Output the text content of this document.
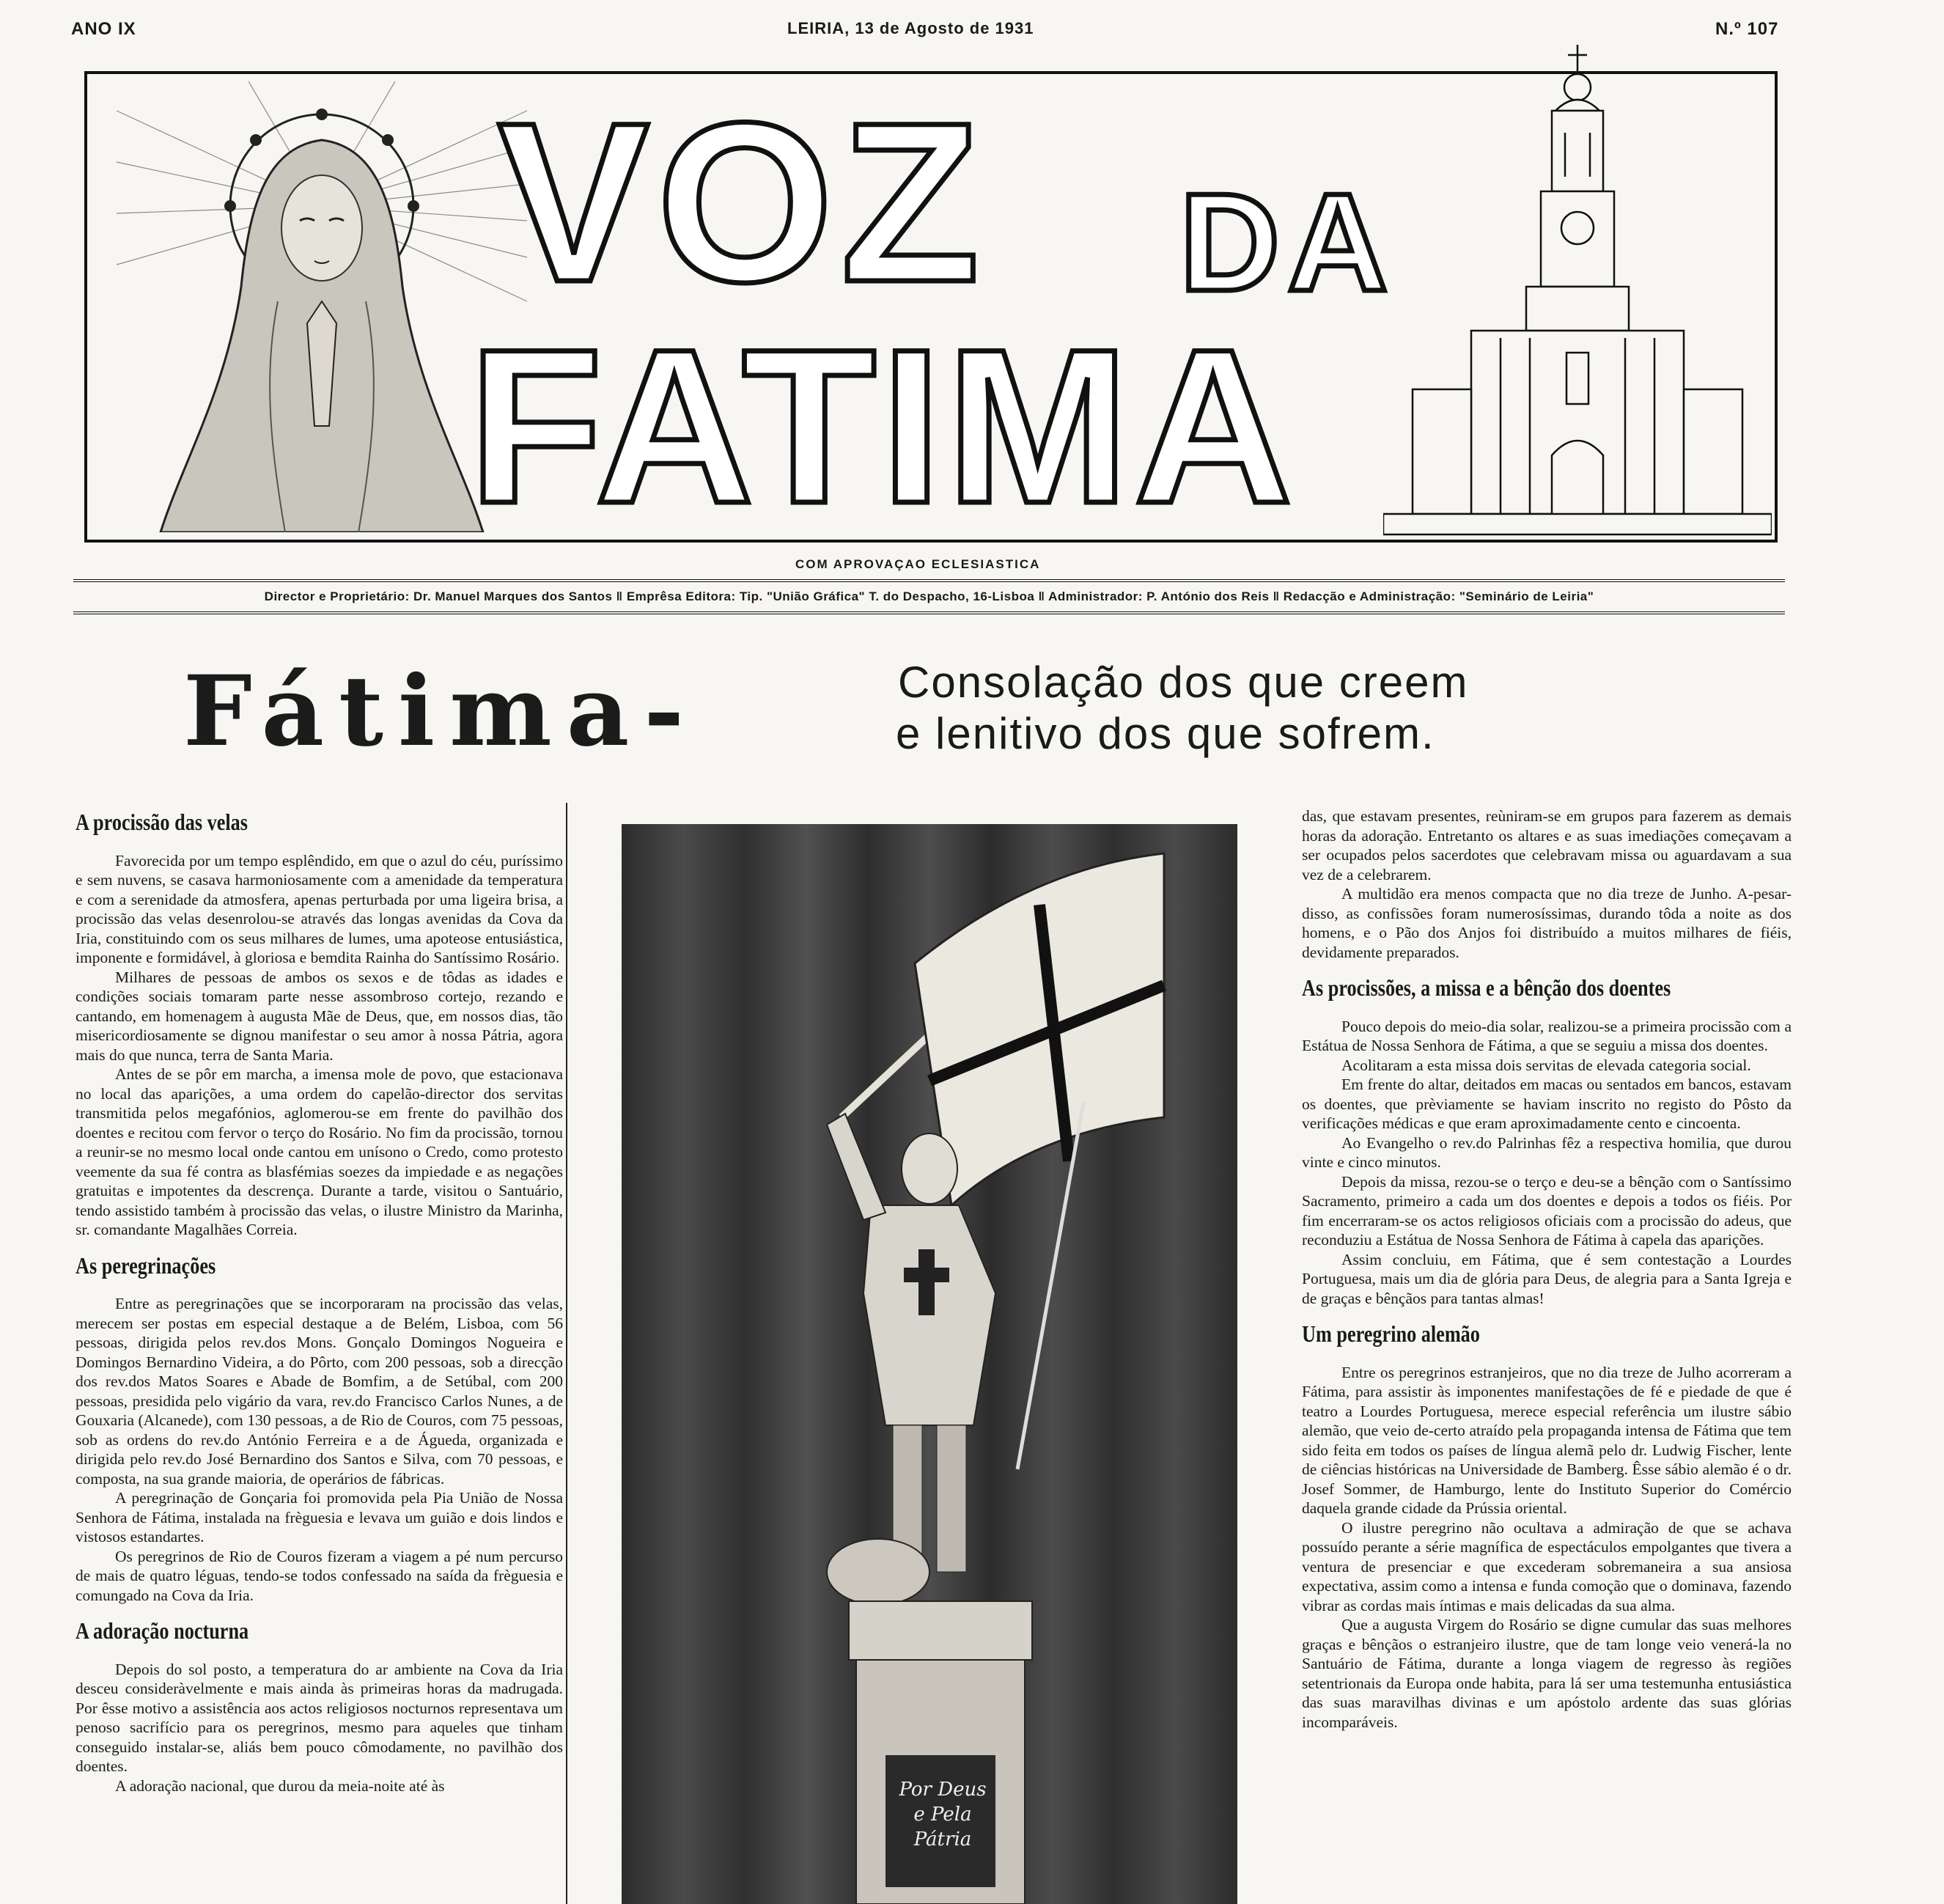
ANO IX	LEIRIA, 13 de Agosto de 1931	N.º 107
VOZ DA
FATIMA
COM APROVAÇAO ECLESIASTICA
Director e Proprietário: Dr. Manuel Marques dos Santos ‖ Emprêsa Editora: Tip. "União Gráfica" T. do Despacho, 16-Lisboa ‖ Administrador: P. António dos Reis ‖ Redacção e Administração: "Seminário de Leiria"
Fátima-	Consolação dos que creem
e lenitivo dos que sofrem.
A procissão das velas

Favorecida por um tempo esplêndido, em que o azul do céu, puríssimo e sem nuvens, se casava harmoniosamente com a amenidade da temperatura e com a serenidade da atmosfera, apenas perturbada por uma ligeira brisa, a procissão das velas desenrolou-se através das longas avenidas da Cova da Iria, constituindo com os seus milhares de lumes, uma apoteose entusiástica, imponente e formidável, à gloriosa e bemdita Rainha do Santíssimo Rosário.

Milhares de pessoas de ambos os sexos e de tôdas as idades e condições sociais tomaram parte nesse assombroso cortejo, rezando e cantando, em homenagem à augusta Mãe de Deus, que, em nossos dias, tão misericordiosamente se dignou manifestar o seu amor à nossa Pátria, agora mais do que nunca, terra de Santa Maria.

Antes de se pôr em marcha, a imensa mole de povo, que estacionava no local das aparições, a uma ordem do capelão-director dos servitas transmitida pelos megafónios, aglomerou-se em frente do pavilhão dos doentes e recitou com fervor o terço do Rosário. No fim da procissão, tornou a reunir-se no mesmo local onde cantou em unísono o Credo, como protesto veemente da sua fé contra as blasfémias soezes da impiedade e as negações gratuitas e impotentes da descrença. Durante a tarde, visitou o Santuário, tendo assistido também à procissão das velas, o ilustre Ministro da Marinha, sr. comandante Magalhães Correia.

As peregrinações

Entre as peregrinações que se incorporaram na procissão das velas, merecem ser postas em especial destaque a de Belém, Lisboa, com 56 pessoas, dirigida pelos rev.dos Mons. Gonçalo Domingos Nogueira e Domingos Bernardino Videira, a do Pôrto, com 200 pessoas, sob a direcção dos rev.dos Matos Soares e Abade de Bomfim, a de Setúbal, com 200 pessoas, presidida pelo vigário da vara, rev.do Francisco Carlos Nunes, a de Gouxaria (Alcanede), com 130 pessoas, a de Rio de Couros, com 75 pessoas, sob as ordens do rev.do António Ferreira e a de Águeda, organizada e dirigida pelo rev.do José Bernardino dos Santos e Silva, com 70 pessoas, e composta, na sua grande maioria, de operários de fábricas.

A peregrinação de Gonçaria foi promovida pela Pia União de Nossa Senhora de Fátima, instalada na frèguesia e levava um guião e dois lindos e vistosos estandartes.

Os peregrinos de Rio de Couros fizeram a viagem a pé num percurso de mais de quatro léguas, tendo-se todos confessado na saída da frèguesia e comungado na Cova da Iria.

A adoração nocturna

Depois do sol posto, a temperatura do ar ambiente na Cova da Iria desceu consideràvelmente e mais ainda às primeiras horas da madrugada. Por êsse motivo a assistência aos actos religiosos nocturnos representava um penoso sacrifício para os peregrinos, mesmo para aqueles que tinham conseguido instalar-se, aliás bem pouco cômodamente, no pavilhão dos doentes.

A adoração nacional, que durou da meia-noite até às	Por Deus e Pela Pátria

das, que estavam presentes, reùniram-se em grupos para fazerem as demais horas da adoração. Entretanto os altares e as suas imediações começavam a ser ocupados pelos sacerdotes que celebravam missa ou aguardavam a sua vez de a celebrarem.

A multidão era menos compacta que no dia treze de Junho. A-pesar-disso, as confissões foram numerosíssimas, durando tôda a noite as dos homens, e o Pão dos Anjos foi distribuído a muitos milhares de fiéis, devidamente preparados.

As procissões, a missa e a bênção dos doentes

Pouco depois do meio-dia solar, realizou-se a primeira procissão com a Estátua de Nossa Senhora de Fátima, a que se seguiu a missa dos doentes.

Acolitaram a esta missa dois servitas de elevada categoria social.

Em frente do altar, deitados em macas ou sentados em bancos, estavam os doentes, que prèviamente se haviam inscrito no registo do Pôsto da verificações médicas e que eram aproximadamente cento e cincoenta.

Ao Evangelho o rev.do Palrinhas fêz a respectiva homilia, que durou vinte e cinco minutos.

Depois da missa, rezou-se o terço e deu-se a bênção com o Santíssimo Sacramento, primeiro a cada um dos doentes e depois a todos os fiéis. Por fim encerraram-se os actos religiosos oficiais com a procissão do adeus, que reconduziu a Estátua de Nossa Senhora de Fátima à capela das aparições.

Assim concluiu, em Fátima, que é sem contestação a Lourdes Portuguesa, mais um dia de glória para Deus, de alegria para a Santa Igreja e de graças e bênçãos para tantas almas!

Um peregrino alemão

Entre os peregrinos estranjeiros, que no dia treze de Julho acorreram a Fátima, para assistir às imponentes manifestações de fé e piedade de que é teatro a Lourdes Portuguesa, merece especial referência um ilustre sábio alemão, que veio de-certo atraído pela propaganda intensa de Fátima que tem sido feita em todos os países de língua alemã pelo dr. Ludwig Fischer, lente de ciências históricas na Universidade de Bamberg. Êsse sábio alemão é o dr. Josef Sommer, de Hamburgo, lente do Instituto Superior do Comércio daquela grande cidade da Prússia oriental.

O ilustre peregrino não ocultava a admiração de que se achava possuído perante a série magnífica de espectáculos empolgantes que tivera a ventura de presenciar e que excederam sobremaneira a sua ansiosa expectativa, assim como a intensa e funda comoção que o dominava, fazendo vibrar as cordas mais íntimas e mais delicadas da sua alma.

Que a augusta Virgem do Rosário se digne cumular das suas melhores graças e bênçãos o estranjeiro ilustre, que de tam longe veio venerá-la no Santuário de Fátima, durante a longa viagem de regresso às regiões setentrionais da Europa onde habita, para lá ser uma testemunha entusiástica das suas maravilhas divinas e um apóstolo ardente das suas glórias incomparáveis.
